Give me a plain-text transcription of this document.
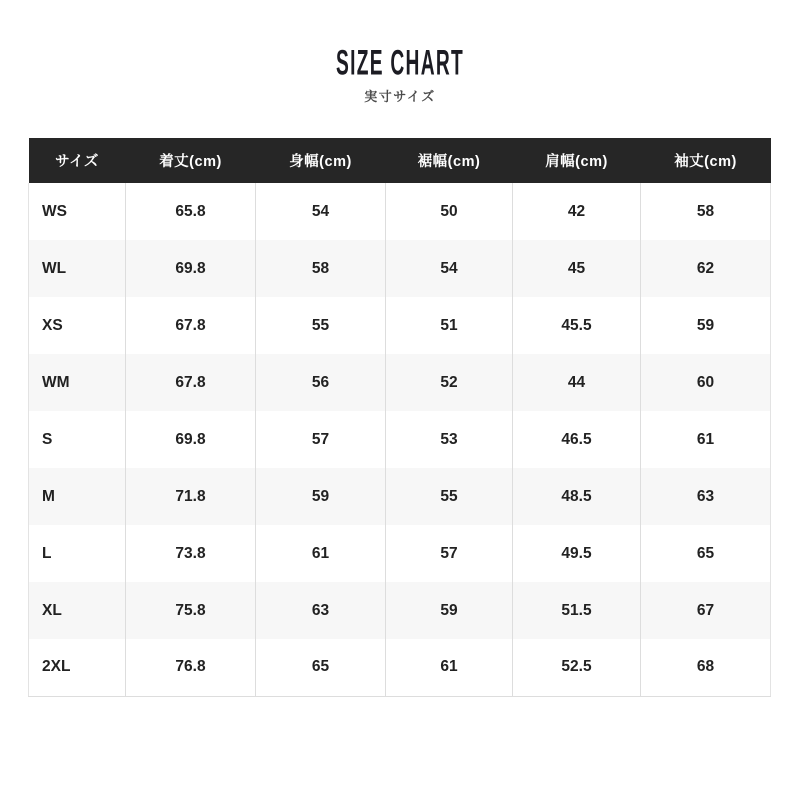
SIZE CHART
実寸サイズ
サイズ	着丈(cm)	身幅(cm)	裾幅(cm)	肩幅(cm)	袖丈(cm)
WS	65.8	54	50	42	58
WL	69.8	58	54	45	62
XS	67.8	55	51	45.5	59
WM	67.8	56	52	44	60
S	69.8	57	53	46.5	61
M	71.8	59	55	48.5	63
L	73.8	61	57	49.5	65
XL	75.8	63	59	51.5	67
2XL	76.8	65	61	52.5	68
